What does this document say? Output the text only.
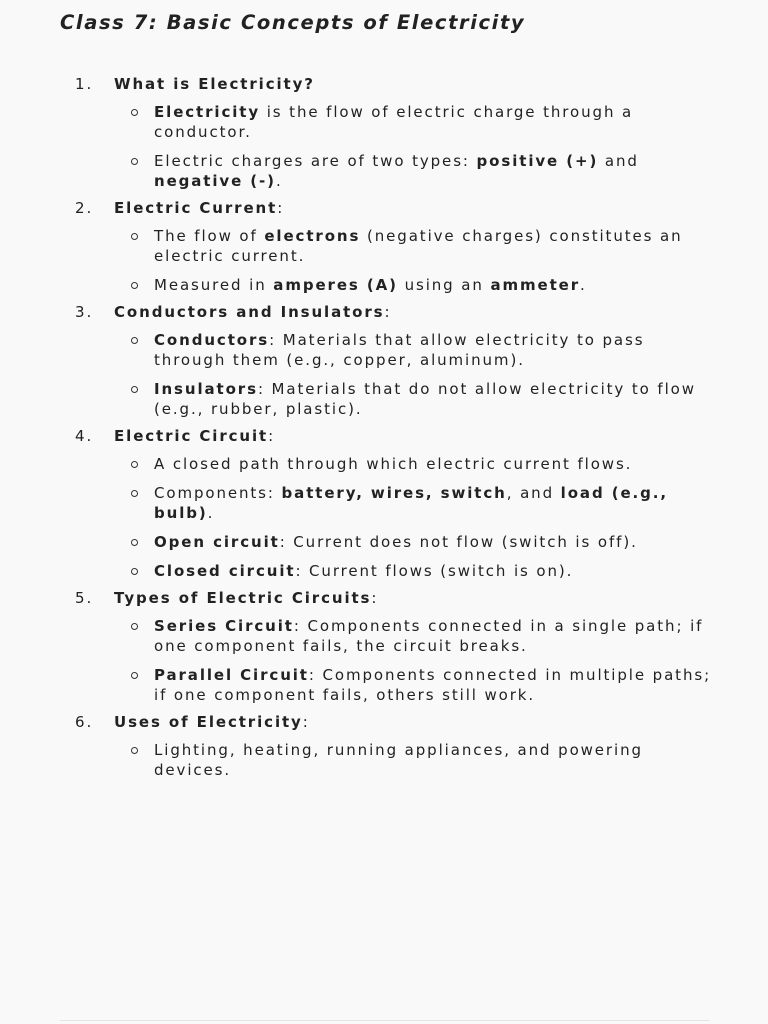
Class 7: Basic Concepts of Electricity
1. What is Electricity?
Electricity is the flow of electric charge through a conductor.
Electric charges are of two types: positive (+) and negative (-).
2. Electric Current:
The flow of electrons (negative charges) constitutes an electric current.
Measured in amperes (A) using an ammeter.
3. Conductors and Insulators:
Conductors: Materials that allow electricity to pass through them (e.g., copper, aluminum).
Insulators: Materials that do not allow electricity to flow (e.g., rubber, plastic).
4. Electric Circuit:
A closed path through which electric current flows.
Components: battery, wires, switch, and load (e.g., bulb).
Open circuit: Current does not flow (switch is off).
Closed circuit: Current flows (switch is on).
5. Types of Electric Circuits:
Series Circuit: Components connected in a single path; if one component fails, the circuit breaks.
Parallel Circuit: Components connected in multiple paths; if one component fails, others still work.
6. Uses of Electricity:
Lighting, heating, running appliances, and powering devices.
